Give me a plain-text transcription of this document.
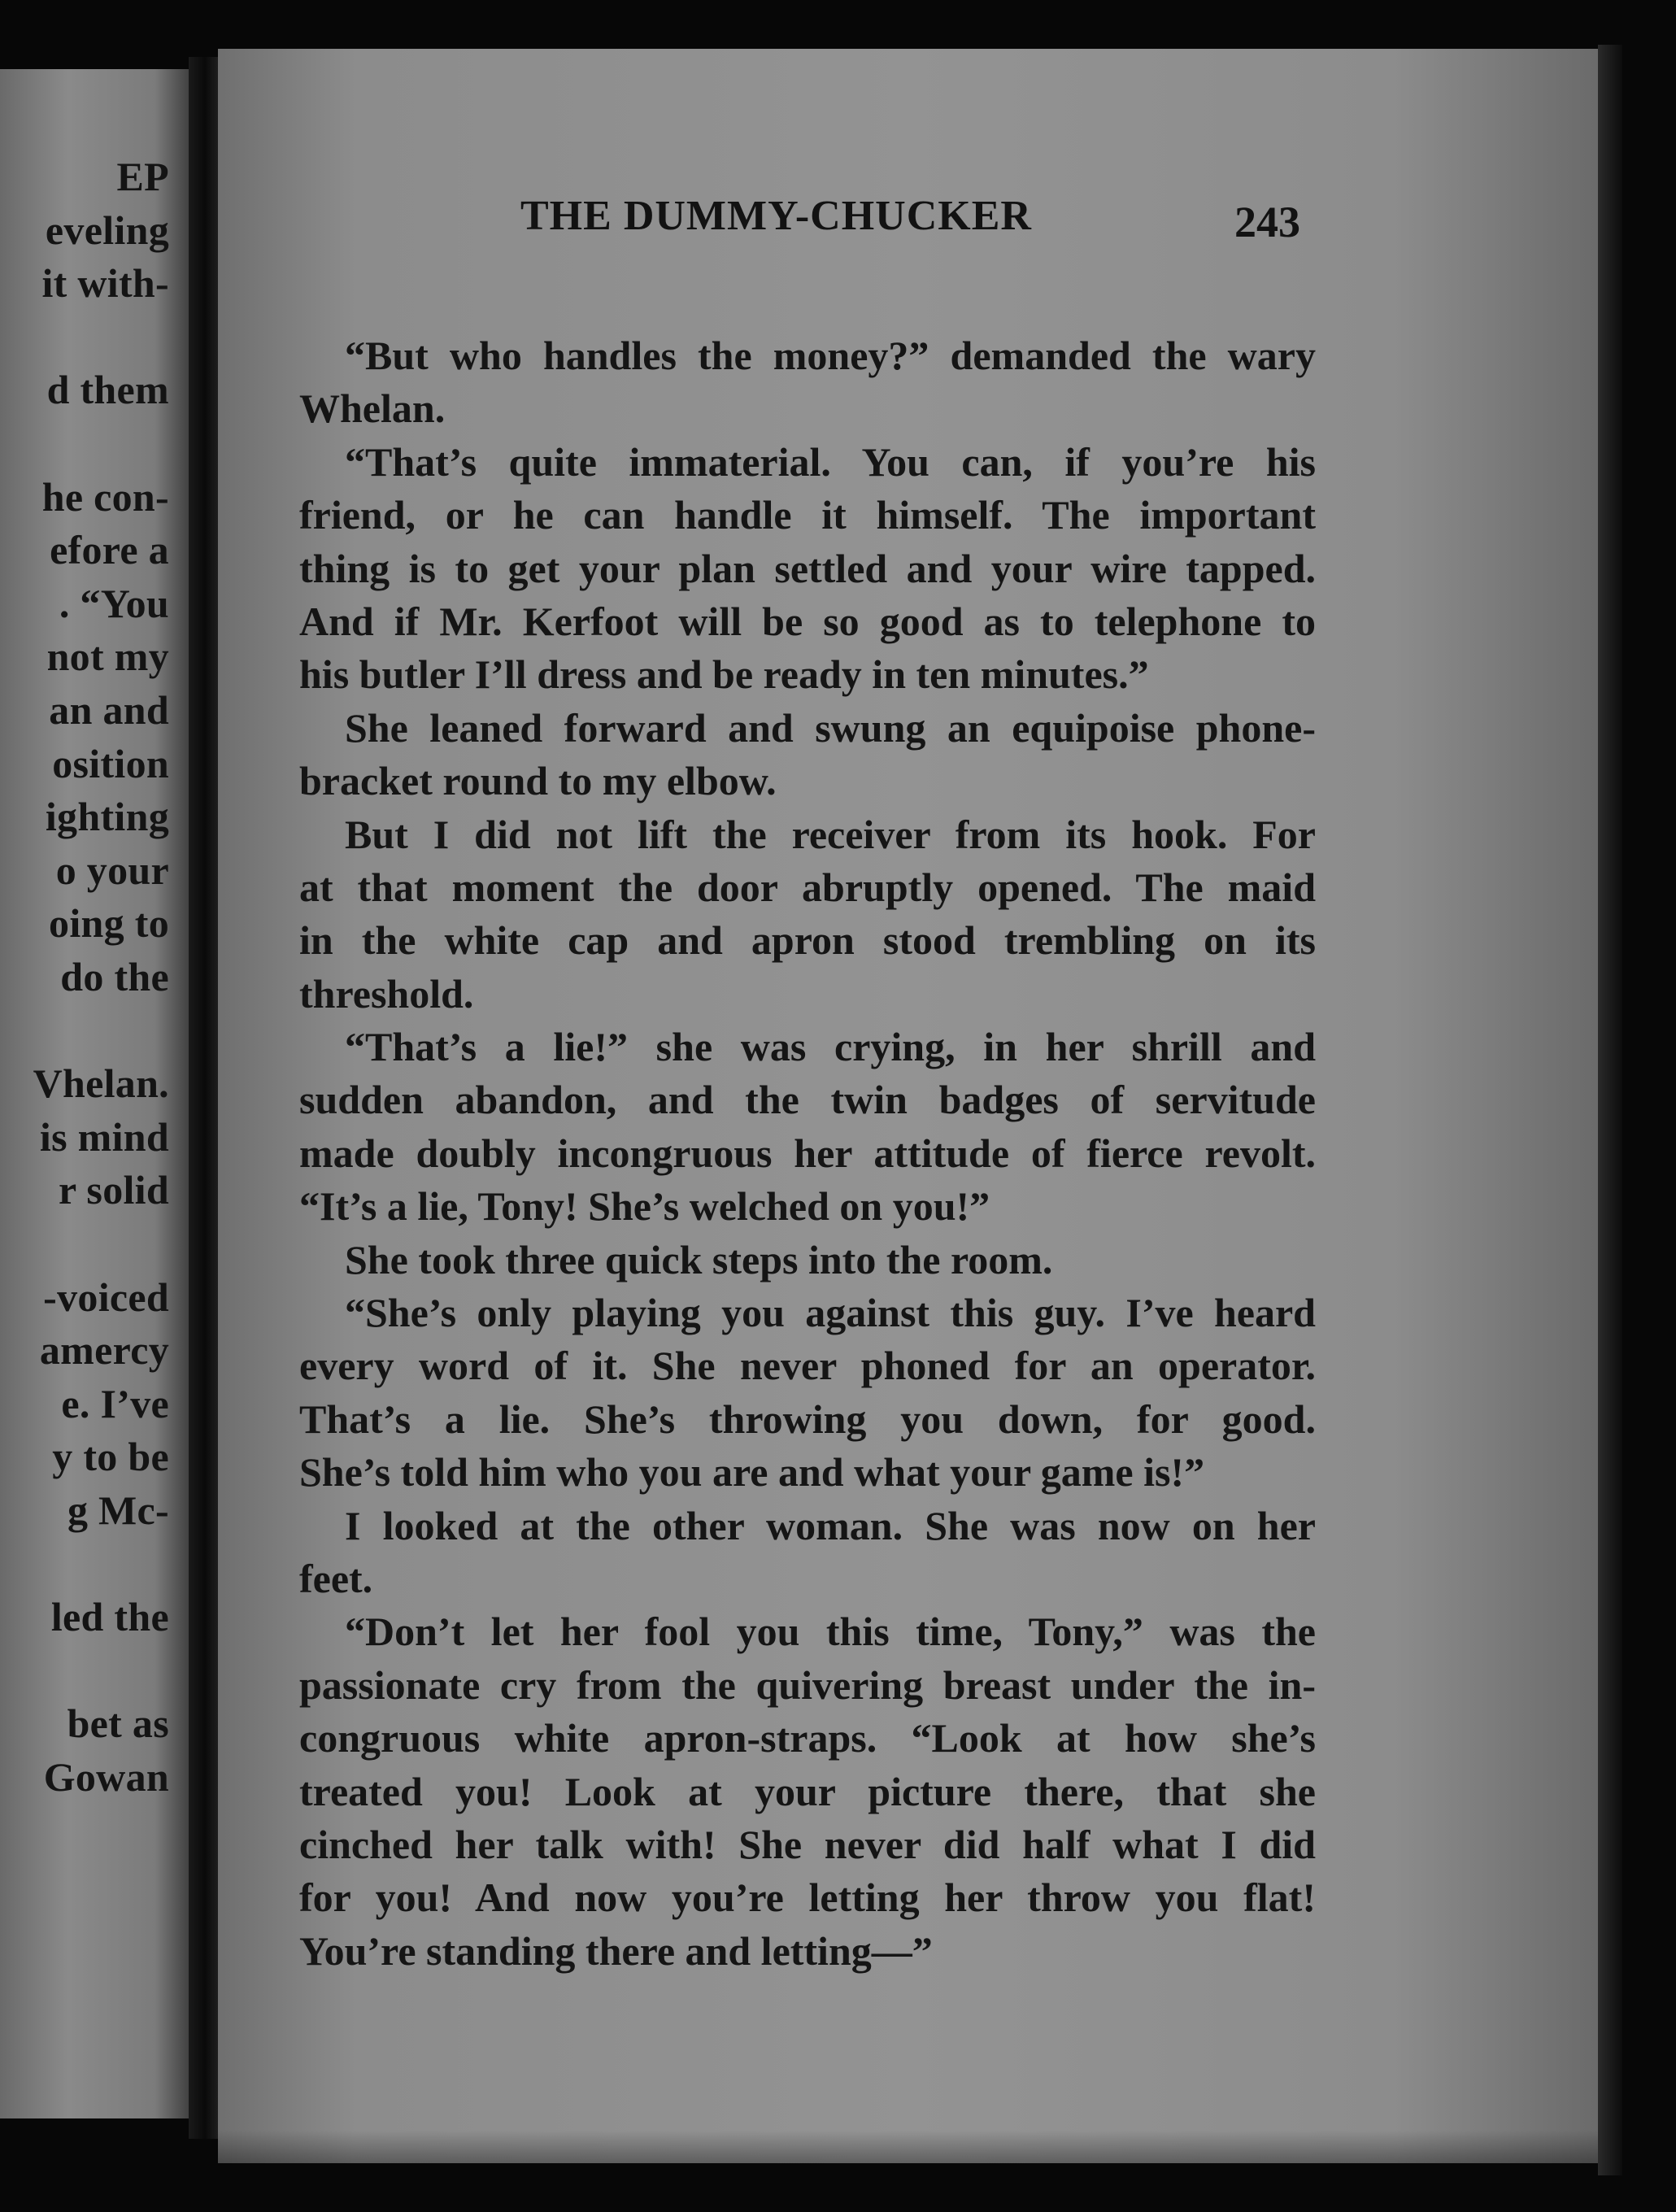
EP
eveling
it with-
d them
he con-
efore a
. “You
not my
an and
osition
ighting
o your
oing to
do the
Vhelan.
is mind
r solid
-voiced
amercy
e. I’ve
y to be
g Mc-
led the
bet as
Gowan
THE DUMMY-CHUCKER	243
“But who handles the money?” demanded the wary
Whelan.
“That’s quite immaterial. You can, if you’re his
friend, or he can handle it himself. The important
thing is to get your plan settled and your wire tapped.
And if Mr. Kerfoot will be so good as to telephone to
his butler I’ll dress and be ready in ten minutes.”
She leaned forward and swung an equipoise phone-
bracket round to my elbow.
But I did not lift the receiver from its hook. For
at that moment the door abruptly opened. The maid
in the white cap and apron stood trembling on its
threshold.
“That’s a lie!” she was crying, in her shrill and
sudden abandon, and the twin badges of servitude
made doubly incongruous her attitude of fierce revolt.
“It’s a lie, Tony! She’s welched on you!”
She took three quick steps into the room.
“She’s only playing you against this guy. I’ve heard
every word of it. She never phoned for an operator.
That’s a lie. She’s throwing you down, for good.
She’s told him who you are and what your game is!”
I looked at the other woman. She was now on her
feet.
“Don’t let her fool you this time, Tony,” was the
passionate cry from the quivering breast under the in-
congruous white apron-straps. “Look at how she’s
treated you! Look at your picture there, that she
cinched her talk with! She never did half what I did
for you! And now you’re letting her throw you flat!
You’re standing there and letting—”
